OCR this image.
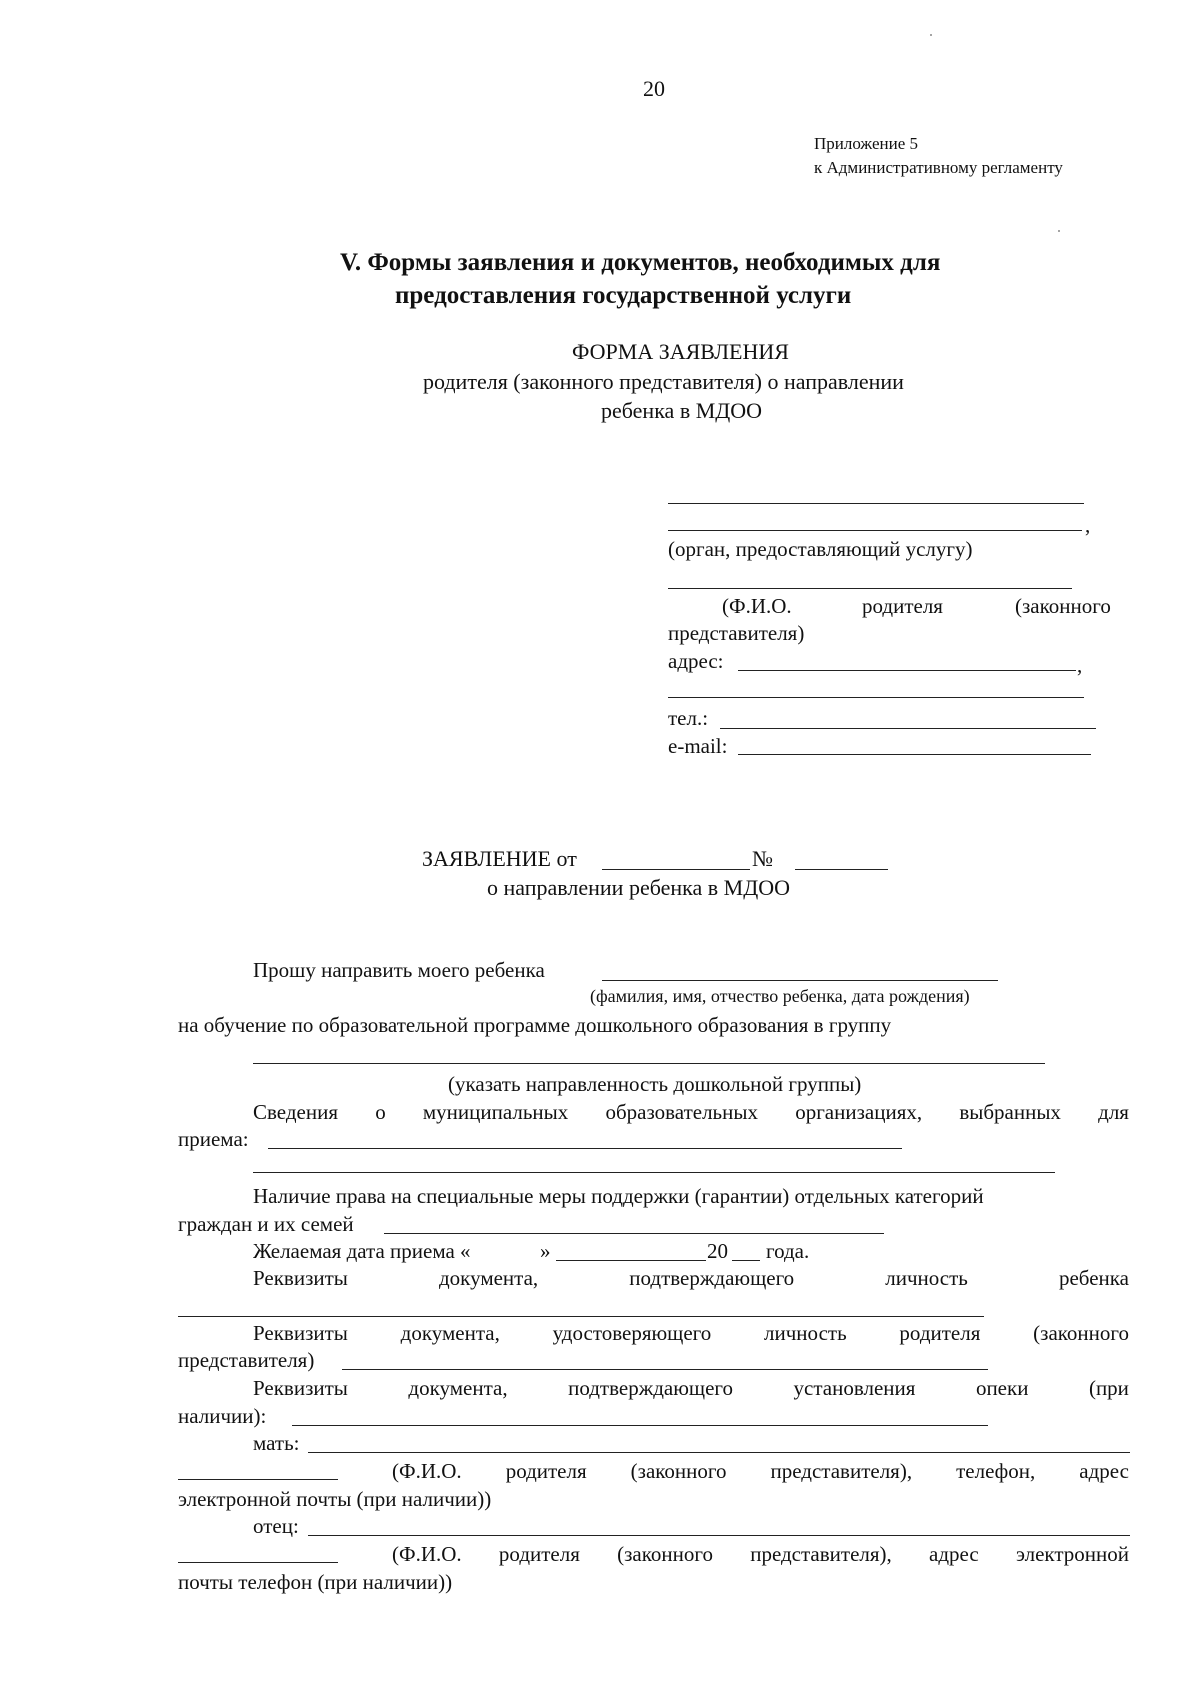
20
Приложение 5
к Административному регламенту
V. Формы заявления и документов, необходимых для
предоставления государственной услуги
ФОРМА ЗАЯВЛЕНИЯ
родителя (законного представителя) о направлении
ребенка в МДОО
,
(орган, предоставляющий услугу)
(Ф.И.О.	родителя	(законного
представителя)
адрес:	,
тел.:
e-mail:
ЗАЯВЛЕНИЕ от	№
о направлении ребенка в МДОО
Прошу направить моего ребенка
(фамилия, имя, отчество ребенка, дата рождения)
на обучение по образовательной программе дошкольного образования в группу
(указать направленность дошкольной группы)
Сведения о муниципальных образовательных организациях, выбранных для
приема:
Наличие права на специальные меры поддержки (гарантии) отдельных категорий
граждан и их семей
Желаемая дата приема «	»	20 года.
Реквизиты	документа,	подтверждающего	личность	ребенка
Реквизиты	документа,	удостоверяющего	личность	родителя	(законного
представителя)
Реквизиты	документа,	подтверждающего	установления	опеки	(при
наличии):
мать:
(Ф.И.О. родителя (законного представителя), телефон, адрес
электронной почты (при наличии))
отец:
(Ф.И.О. родителя (законного представителя), адрес электронной
почты телефон (при наличии))
